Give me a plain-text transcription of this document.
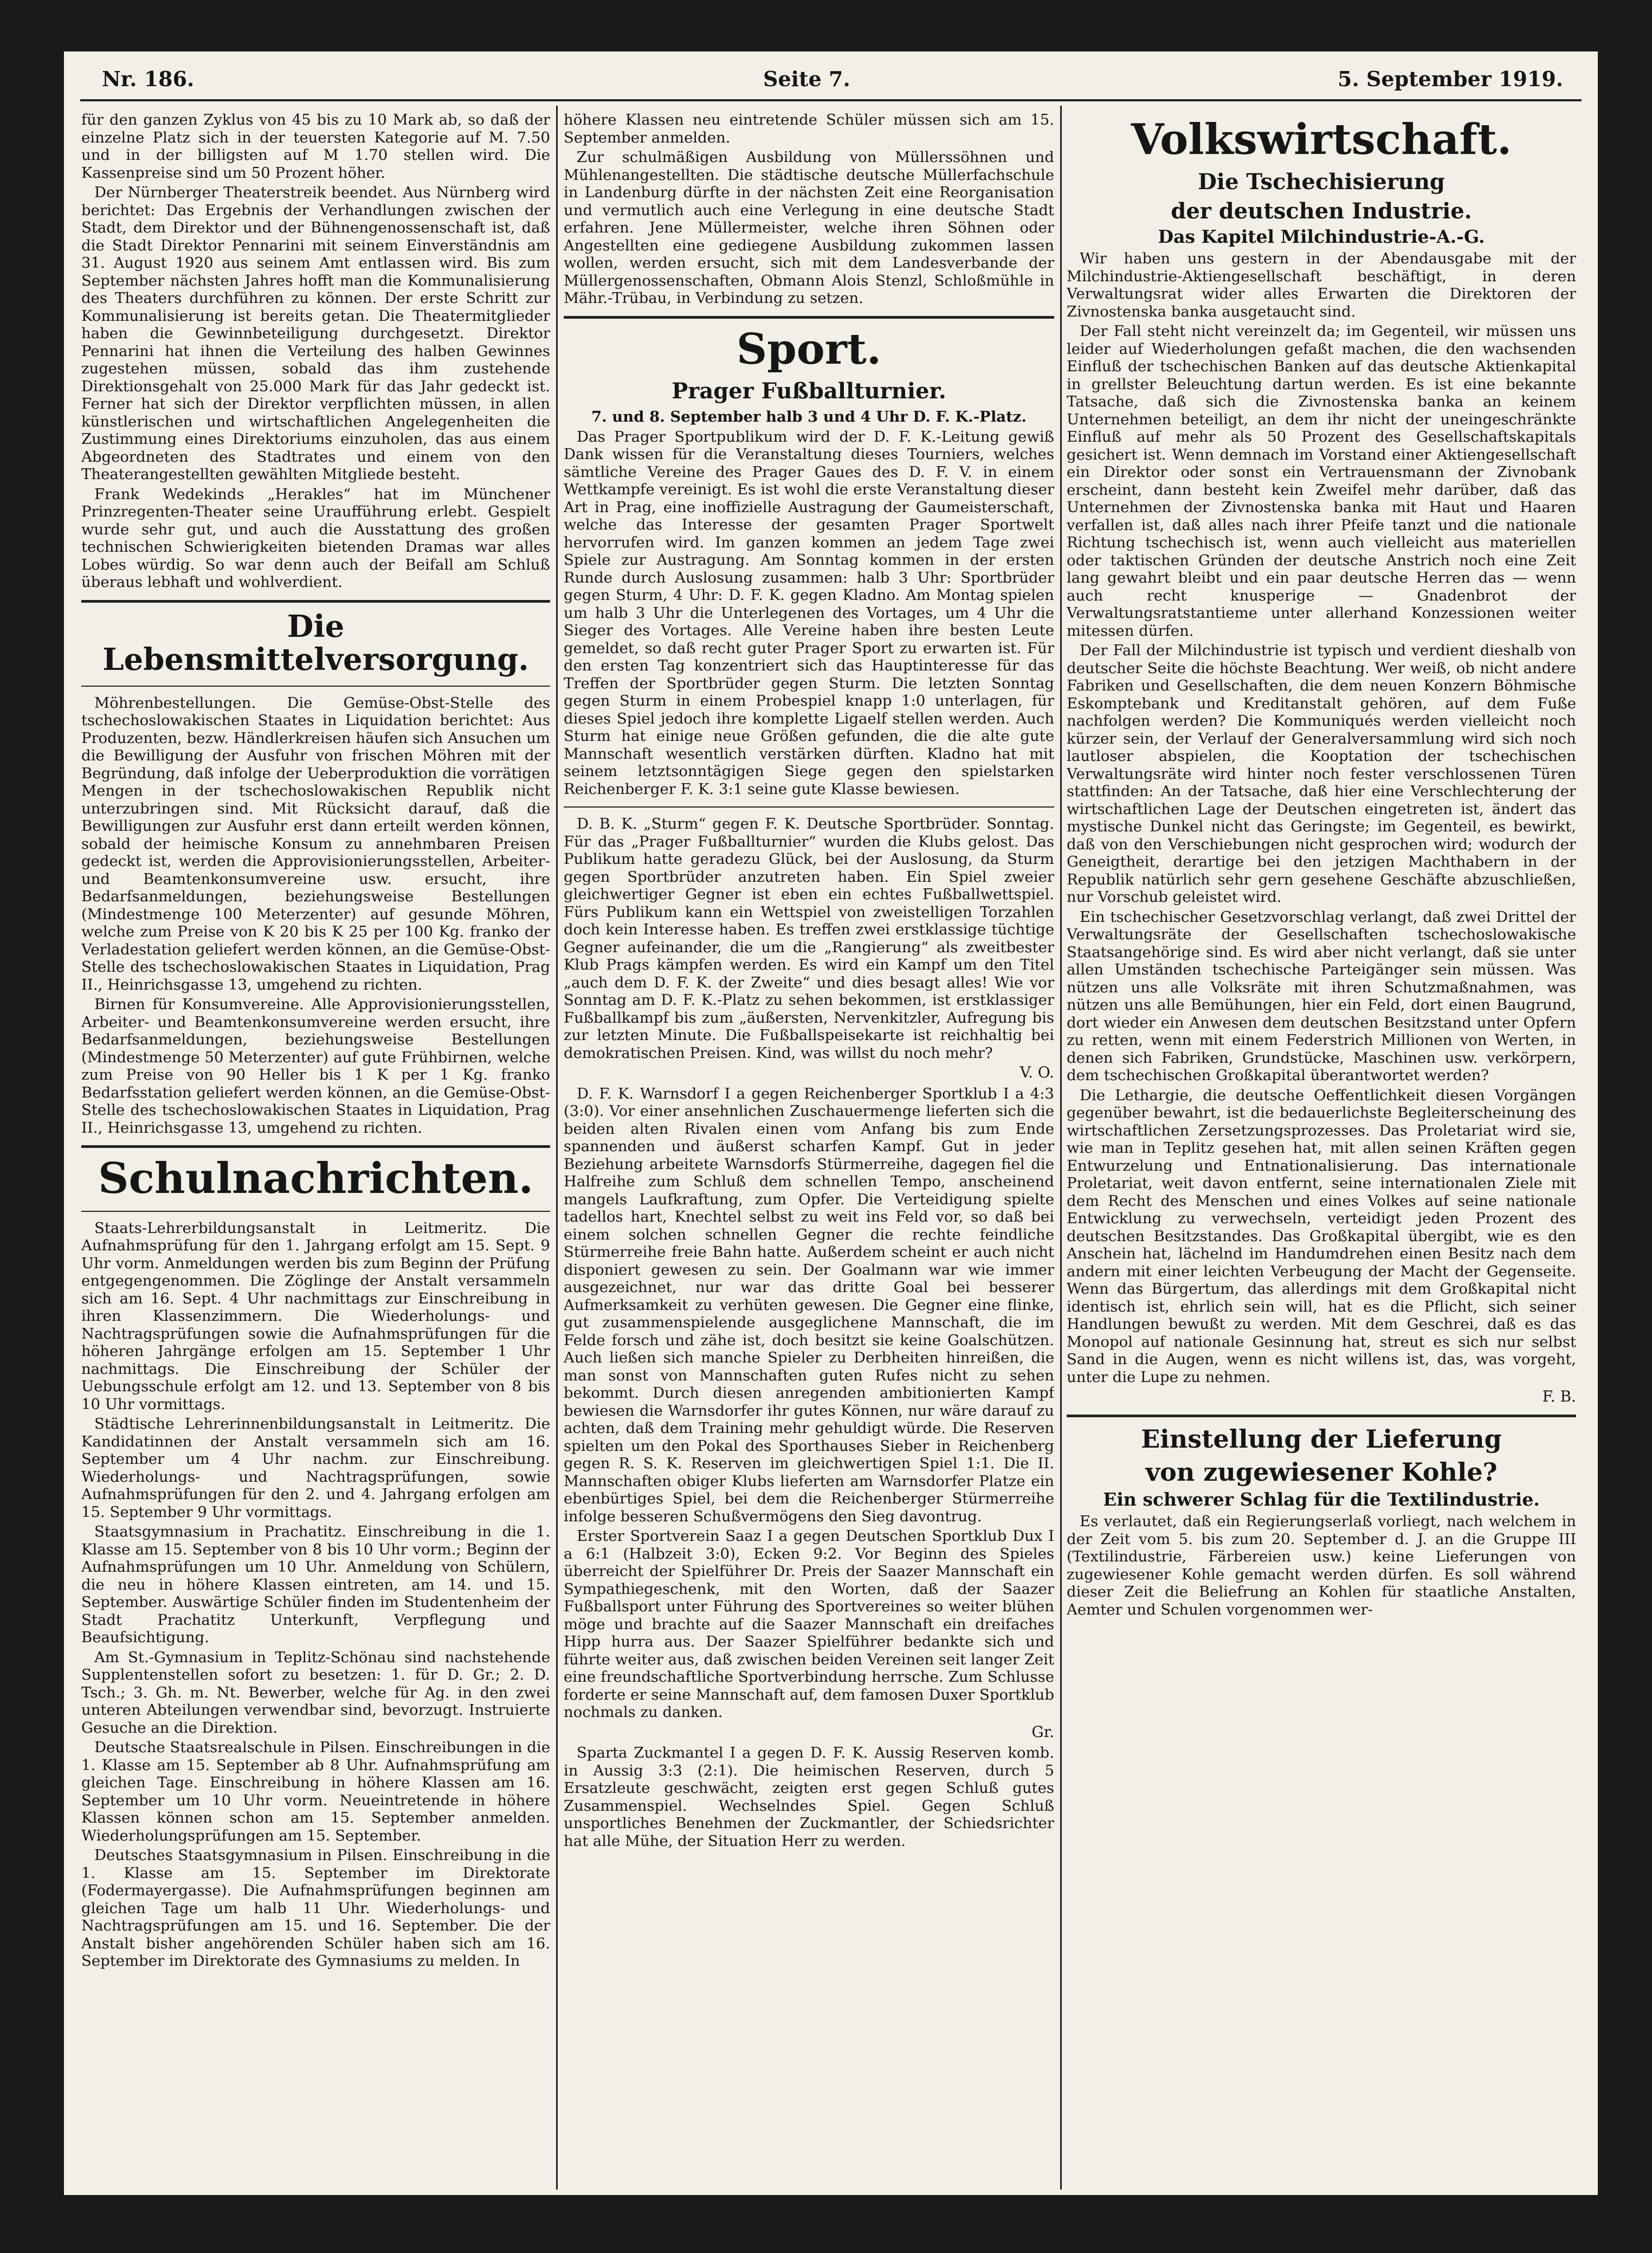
Nr. 186.	Seite 7.	5. September 1919.

für den ganzen Zyklus von 45 bis zu 10 Mark ab, so daß der einzelne Platz sich in der teuersten Kategorie auf M. 7.50 und in der billigsten auf M 1.70 stellen wird. Die Kassenpreise sind um 50 Prozent höher.

Der Nürnberger Theaterstreik beendet. Aus Nürnberg wird berichtet: Das Ergebnis der Verhandlungen zwischen der Stadt, dem Direktor und der Bühnengenossenschaft ist, daß die Stadt Direktor Pennarini mit seinem Einverständnis am 31. August 1920 aus seinem Amt entlassen wird. Bis zum September nächsten Jahres hofft man die Kommunalisierung des Theaters durchführen zu können. Der erste Schritt zur Kommunalisierung ist bereits getan. Die Theatermitglieder haben die Gewinnbeteiligung durchgesetzt. Direktor Pennarini hat ihnen die Verteilung des halben Gewinnes zugestehen müssen, sobald das ihm zustehende Direktionsgehalt von 25.000 Mark für das Jahr gedeckt ist. Ferner hat sich der Direktor verpflichten müssen, in allen künstlerischen und wirtschaftlichen Angelegenheiten die Zustimmung eines Direktoriums einzuholen, das aus einem Abgeordneten des Stadtrates und einem von den Theaterangestellten gewählten Mitgliede besteht.

Frank Wedekinds „Herakles“ hat im Münchener Prinzregenten-Theater seine Uraufführung erlebt. Gespielt wurde sehr gut, und auch die Ausstattung des großen technischen Schwierigkeiten bietenden Dramas war alles Lobes würdig. So war denn auch der Beifall am Schluß überaus lebhaft und wohlverdient.

Die Lebensmittelversorgung.

Möhrenbestellungen. Die Gemüse-Obst-Stelle des tschechoslowakischen Staates in Liquidation berichtet: Aus Produzenten, bezw. Händlerkreisen häufen sich Ansuchen um die Bewilligung der Ausfuhr von frischen Möhren mit der Begründung, daß infolge der Ueberproduktion die vorrätigen Mengen in der tschechoslowakischen Republik nicht unterzubringen sind. Mit Rücksicht darauf, daß die Bewilligungen zur Ausfuhr erst dann erteilt werden können, sobald der heimische Konsum zu annehmbaren Preisen gedeckt ist, werden die Approvisionierungsstellen, Arbeiter- und Beamtenkonsumvereine usw. ersucht, ihre Bedarfsanmeldungen, beziehungsweise Bestellungen (Mindestmenge 100 Meterzenter) auf gesunde Möhren, welche zum Preise von K 20 bis K 25 per 100 Kg. franko der Verladestation geliefert werden können, an die Gemüse-Obst-Stelle des tschechoslowakischen Staates in Liquidation, Prag II., Heinrichsgasse 13, umgehend zu richten.

Birnen für Konsumvereine. Alle Approvisionierungsstellen, Arbeiter- und Beamtenkonsumvereine werden ersucht, ihre Bedarfsanmeldungen, beziehungsweise Bestellungen (Mindestmenge 50 Meterzenter) auf gute Frühbirnen, welche zum Preise von 90 Heller bis 1 K per 1 Kg. franko Bedarfsstation geliefert werden können, an die Gemüse-Obst-Stelle des tschechoslowakischen Staates in Liquidation, Prag II., Heinrichsgasse 13, umgehend zu richten.

Schulnachrichten.

Staats-Lehrerbildungsanstalt in Leitmeritz. Die Aufnahmsprüfung für den 1. Jahrgang erfolgt am 15. Sept. 9 Uhr vorm. Anmeldungen werden bis zum Beginn der Prüfung entgegengenommen. Die Zöglinge der Anstalt versammeln sich am 16. Sept. 4 Uhr nachmittags zur Einschreibung in ihren Klassenzimmern. Die Wiederholungs- und Nachtragsprüfungen sowie die Aufnahmsprüfungen für die höheren Jahrgänge erfolgen am 15. September 1 Uhr nachmittags. Die Einschreibung der Schüler der Uebungsschule erfolgt am 12. und 13. September von 8 bis 10 Uhr vormittags.

Städtische Lehrerinnenbildungsanstalt in Leitmeritz. Die Kandidatinnen der Anstalt versammeln sich am 16. September um 4 Uhr nachm. zur Einschreibung. Wiederholungs- und Nachtragsprüfungen, sowie Aufnahmsprüfungen für den 2. und 4. Jahrgang erfolgen am 15. September 9 Uhr vormittags.

Staatsgymnasium in Prachatitz. Einschreibung in die 1. Klasse am 15. September von 8 bis 10 Uhr vorm.; Beginn der Aufnahmsprüfungen um 10 Uhr. Anmeldung von Schülern, die neu in höhere Klassen eintreten, am 14. und 15. September. Auswärtige Schüler finden im Studentenheim der Stadt Prachatitz Unterkunft, Verpflegung und Beaufsichtigung.

Am St.-Gymnasium in Teplitz-Schönau sind nachstehende Supplentenstellen sofort zu besetzen: 1. für D. Gr.; 2. D. Tsch.; 3. Gh. m. Nt. Bewerber, welche für Ag. in den zwei unteren Abteilungen verwendbar sind, bevorzugt. Instruierte Gesuche an die Direktion.

Deutsche Staatsrealschule in Pilsen. Einschreibungen in die 1. Klasse am 15. September ab 8 Uhr. Aufnahmsprüfung am gleichen Tage. Einschreibung in höhere Klassen am 16. September um 10 Uhr vorm. Neueintretende in höhere Klassen können schon am 15. September anmelden. Wiederholungsprüfungen am 15. September.

Deutsches Staatsgymnasium in Pilsen. Einschreibung in die 1. Klasse am 15. September im Direktorate (Fodermayergasse). Die Aufnahmsprüfungen beginnen am gleichen Tage um halb 11 Uhr. Wiederholungs- und Nachtragsprüfungen am 15. und 16. September. Die der Anstalt bisher angehörenden Schüler haben sich am 16. September im Direktorate des Gymnasiums zu melden. In

höhere Klassen neu eintretende Schüler müssen sich am 15. September anmelden.

Zur schulmäßigen Ausbildung von Müllerssöhnen und Mühlenangestellten. Die städtische deutsche Müllerfachschule in Landenburg dürfte in der nächsten Zeit eine Reorganisation und vermutlich auch eine Verlegung in eine deutsche Stadt erfahren. Jene Müllermeister, welche ihren Söhnen oder Angestellten eine gediegene Ausbildung zukommen lassen wollen, werden ersucht, sich mit dem Landesverbande der Müllergenossenschaften, Obmann Alois Stenzl, Schloßmühle in Mähr.-Trübau, in Verbindung zu setzen.

Sport.
Prager Fußballturnier.

7. und 8. September halb 3 und 4 Uhr D. F. K.-Platz.

Das Prager Sportpublikum wird der D. F. K.-Leitung gewiß Dank wissen für die Veranstaltung dieses Tourniers, welches sämtliche Vereine des Prager Gaues des D. F. V. in einem Wettkampfe vereinigt. Es ist wohl die erste Veranstaltung dieser Art in Prag, eine inoffizielle Austragung der Gaumeisterschaft, welche das Interesse der gesamten Prager Sportwelt hervorrufen wird. Im ganzen kommen an jedem Tage zwei Spiele zur Austragung. Am Sonntag kommen in der ersten Runde durch Auslosung zusammen: halb 3 Uhr: Sportbrüder gegen Sturm, 4 Uhr: D. F. K. gegen Kladno. Am Montag spielen um halb 3 Uhr die Unterlegenen des Vortages, um 4 Uhr die Sieger des Vortages. Alle Vereine haben ihre besten Leute gemeldet, so daß recht guter Prager Sport zu erwarten ist. Für den ersten Tag konzentriert sich das Hauptinteresse für das Treffen der Sportbrüder gegen Sturm. Die letzten Sonntag gegen Sturm in einem Probespiel knapp 1:0 unterlagen, für dieses Spiel jedoch ihre komplette Ligaelf stellen werden. Auch Sturm hat einige neue Größen gefunden, die die alte gute Mannschaft wesentlich verstärken dürften. Kladno hat mit seinem letztsonntägigen Siege gegen den spielstarken Reichenberger F. K. 3:1 seine gute Klasse bewiesen.

D. B. K. „Sturm“ gegen F. K. Deutsche Sportbrüder. Sonntag. Für das „Prager Fußballturnier“ wurden die Klubs gelost. Das Publikum hatte geradezu Glück, bei der Auslosung, da Sturm gegen Sportbrüder anzutreten haben. Ein Spiel zweier gleichwertiger Gegner ist eben ein echtes Fußballwettspiel. Fürs Publikum kann ein Wettspiel von zweistelligen Torzahlen doch kein Interesse haben. Es treffen zwei erstklassige tüchtige Gegner aufeinander, die um die „Rangierung“ als zweitbester Klub Prags kämpfen werden. Es wird ein Kampf um den Titel „auch dem D. F. K. der Zweite“ und dies besagt alles! Wie vor Sonntag am D. F. K.-Platz zu sehen bekommen, ist erstklassiger Fußballkampf bis zum „äußersten, Nervenkitzler, Aufregung bis zur letzten Minute. Die Fußballspeisekarte ist reichhaltig bei demokratischen Preisen. Kind, was willst du noch mehr?

V. O.

D. F. K. Warnsdorf I a gegen Reichenberger Sportklub I a 4:3 (3:0). Vor einer ansehnlichen Zuschauermenge lieferten sich die beiden alten Rivalen einen vom Anfang bis zum Ende spannenden und äußerst scharfen Kampf. Gut in jeder Beziehung arbeitete Warnsdorfs Stürmerreihe, dagegen fiel die Halfreihe zum Schluß dem schnellen Tempo, anscheinend mangels Laufkraftung, zum Opfer. Die Verteidigung spielte tadellos hart, Knechtel selbst zu weit ins Feld vor, so daß bei einem solchen schnellen Gegner die rechte feindliche Stürmerreihe freie Bahn hatte. Außerdem scheint er auch nicht disponiert gewesen zu sein. Der Goalmann war wie immer ausgezeichnet, nur war das dritte Goal bei besserer Aufmerksamkeit zu verhüten gewesen. Die Gegner eine flinke, gut zusammenspielende ausgeglichene Mannschaft, die im Felde forsch und zähe ist, doch besitzt sie keine Goalschützen. Auch ließen sich manche Spieler zu Derbheiten hinreißen, die man sonst von Mannschaften guten Rufes nicht zu sehen bekommt. Durch diesen anregenden ambitionierten Kampf bewiesen die Warnsdorfer ihr gutes Können, nur wäre darauf zu achten, daß dem Training mehr gehuldigt würde. Die Reserven spielten um den Pokal des Sporthauses Sieber in Reichenberg gegen R. S. K. Reserven im gleichwertigen Spiel 1:1. Die II. Mannschaften obiger Klubs lieferten am Warnsdorfer Platze ein ebenbürtiges Spiel, bei dem die Reichenberger Stürmerreihe infolge besseren Schußvermögens den Sieg davontrug.

Erster Sportverein Saaz I a gegen Deutschen Sportklub Dux I a 6:1 (Halbzeit 3:0), Ecken 9:2. Vor Beginn des Spieles überreicht der Spielführer Dr. Preis der Saazer Mannschaft ein Sympathiegeschenk, mit den Worten, daß der Saazer Fußballsport unter Führung des Sportvereines so weiter blühen möge und brachte auf die Saazer Mannschaft ein dreifaches Hipp hurra aus. Der Saazer Spielführer bedankte sich und führte weiter aus, daß zwischen beiden Vereinen seit langer Zeit eine freundschaftliche Sportverbindung herrsche. Zum Schlusse forderte er seine Mannschaft auf, dem famosen Duxer Sportklub nochmals zu danken.

Gr.

Sparta Zuckmantel I a gegen D. F. K. Aussig Reserven komb. in Aussig 3:3 (2:1). Die heimischen Reserven, durch 5 Ersatzleute geschwächt, zeigten erst gegen Schluß gutes Zusammenspiel. Wechselndes Spiel. Gegen Schluß unsportliches Benehmen der Zuckmantler, der Schiedsrichter hat alle Mühe, der Situation Herr zu werden.

Volkswirtschaft.
Die Tschechisierung
der deutschen Industrie.
Das Kapitel Milchindustrie-A.-G.

Wir haben uns gestern in der Abendausgabe mit der Milchindustrie-Aktiengesellschaft beschäftigt, in deren Verwaltungsrat wider alles Erwarten die Direktoren der Zivnostenska banka ausgetaucht sind.

Der Fall steht nicht vereinzelt da; im Gegenteil, wir müssen uns leider auf Wiederholungen gefaßt machen, die den wachsenden Einfluß der tschechischen Banken auf das deutsche Aktienkapital in grellster Beleuchtung dartun werden. Es ist eine bekannte Tatsache, daß sich die Zivnostenska banka an keinem Unternehmen beteiligt, an dem ihr nicht der uneingeschränkte Einfluß auf mehr als 50 Prozent des Gesellschaftskapitals gesichert ist. Wenn demnach im Vorstand einer Aktiengesellschaft ein Direktor oder sonst ein Vertrauensmann der Zivnobank erscheint, dann besteht kein Zweifel mehr darüber, daß das Unternehmen der Zivnostenska banka mit Haut und Haaren verfallen ist, daß alles nach ihrer Pfeife tanzt und die nationale Richtung tschechisch ist, wenn auch vielleicht aus materiellen oder taktischen Gründen der deutsche Anstrich noch eine Zeit lang gewahrt bleibt und ein paar deutsche Herren das — wenn auch recht knusperige — Gnadenbrot der Verwaltungsratstantieme unter allerhand Konzessionen weiter mitessen dürfen.

Der Fall der Milchindustrie ist typisch und verdient dieshalb von deutscher Seite die höchste Beachtung. Wer weiß, ob nicht andere Fabriken und Gesellschaften, die dem neuen Konzern Böhmische Eskomptebank und Kreditanstalt gehören, auf dem Fuße nachfolgen werden? Die Kommuniqués werden vielleicht noch kürzer sein, der Verlauf der Generalversammlung wird sich noch lautloser abspielen, die Kooptation der tschechischen Verwaltungsräte wird hinter noch fester verschlossenen Türen stattfinden: An der Tatsache, daß hier eine Verschlechterung der wirtschaftlichen Lage der Deutschen eingetreten ist, ändert das mystische Dunkel nicht das Geringste; im Gegenteil, es bewirkt, daß von den Verschiebungen nicht gesprochen wird; wodurch der Geneigtheit, derartige bei den jetzigen Machthabern in der Republik natürlich sehr gern gesehene Geschäfte abzuschließen, nur Vorschub geleistet wird.

Ein tschechischer Gesetzvorschlag verlangt, daß zwei Drittel der Verwaltungsräte der Gesellschaften tschechoslowakische Staatsangehörige sind. Es wird aber nicht verlangt, daß sie unter allen Umständen tschechische Parteigänger sein müssen. Was nützen uns alle Volksräte mit ihren Schutzmaßnahmen, was nützen uns alle Bemühungen, hier ein Feld, dort einen Baugrund, dort wieder ein Anwesen dem deutschen Besitzstand unter Opfern zu retten, wenn mit einem Federstrich Millionen von Werten, in denen sich Fabriken, Grundstücke, Maschinen usw. verkörpern, dem tschechischen Großkapital überantwortet werden?

Die Lethargie, die deutsche Oeffentlichkeit diesen Vorgängen gegenüber bewahrt, ist die bedauerlichste Begleiterscheinung des wirtschaftlichen Zersetzungsprozesses. Das Proletariat wird sie, wie man in Teplitz gesehen hat, mit allen seinen Kräften gegen Entwurzelung und Entnationalisierung. Das internationale Proletariat, weit davon entfernt, seine internationalen Ziele mit dem Recht des Menschen und eines Volkes auf seine nationale Entwicklung zu verwechseln, verteidigt jeden Prozent des deutschen Besitzstandes. Das Großkapital übergibt, wie es den Anschein hat, lächelnd im Handumdrehen einen Besitz nach dem andern mit einer leichten Verbeugung der Macht der Gegenseite. Wenn das Bürgertum, das allerdings mit dem Großkapital nicht identisch ist, ehrlich sein will, hat es die Pflicht, sich seiner Handlungen bewußt zu werden. Mit dem Geschrei, daß es das Monopol auf nationale Gesinnung hat, streut es sich nur selbst Sand in die Augen, wenn es nicht willens ist, das, was vorgeht, unter die Lupe zu nehmen.

F. B.
Einstellung der Lieferung
von zugewiesener Kohle?
Ein schwerer Schlag für die Textilindustrie.

Es verlautet, daß ein Regierungserlaß vorliegt, nach welchem in der Zeit vom 5. bis zum 20. September d. J. an die Gruppe III (Textilindustrie, Färbereien usw.) keine Lieferungen von zugewiesener Kohle gemacht werden dürfen. Es soll während dieser Zeit die Beliefrung an Kohlen für staatliche Anstalten, Aemter und Schulen vorgenommen wer-
